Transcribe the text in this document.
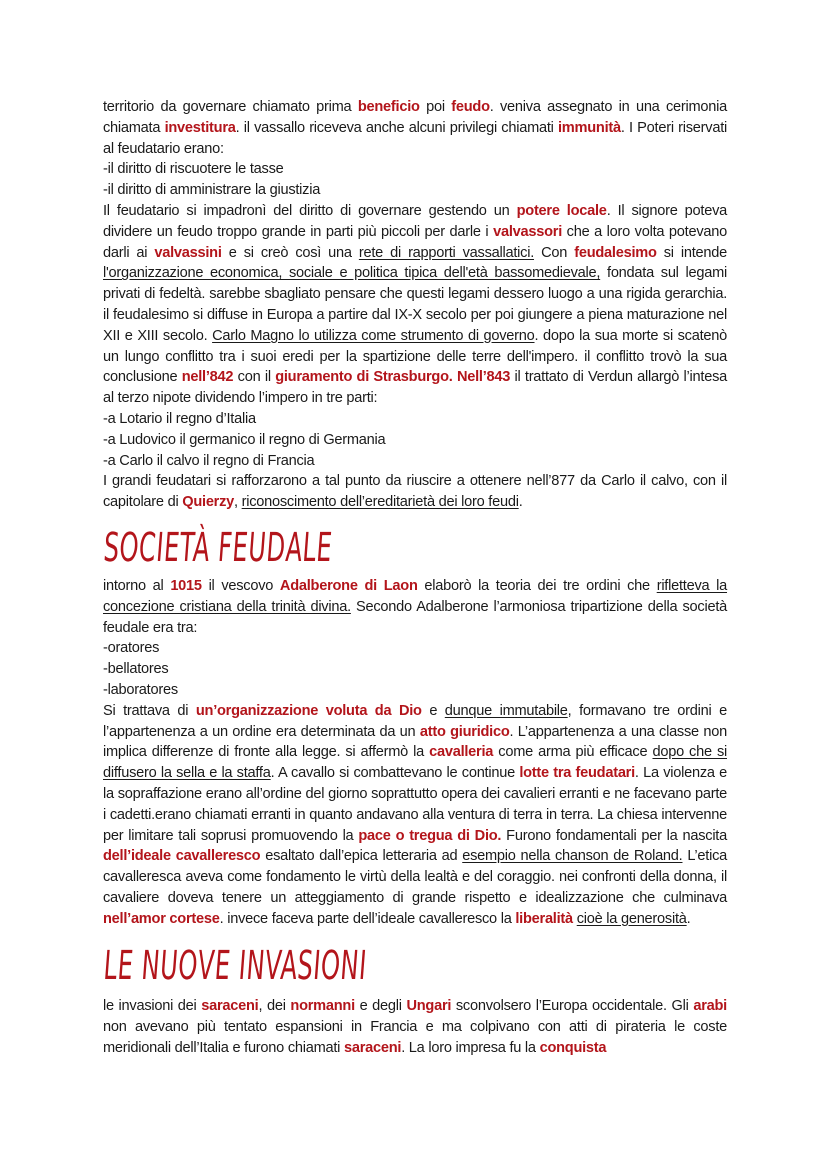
territorio da governare chiamato prima beneficio poi feudo. veniva assegnato in una cerimonia chiamata investitura. il vassallo riceveva anche alcuni privilegi chiamati immunità. I Poteri riservati al feudatario erano:

-il diritto di riscuotere le tasse

-il diritto di amministrare la giustizia

Il feudatario si impadronì del diritto di governare gestendo un potere locale. Il signore poteva dividere un feudo troppo grande in parti più piccoli per darle i valvassori che a loro volta potevano darli ai valvassini e si creò così una rete di rapporti vassallatici. Con feudalesimo si intende l'organizzazione economica, sociale e politica tipica dell'età bassomedievale, fondata sul legami privati di fedeltà. sarebbe sbagliato pensare che questi legami dessero luogo a una rigida gerarchia. il feudalesimo si diffuse in Europa a partire dal IX-X secolo per poi giungere a piena maturazione nel XII e XIII secolo. Carlo Magno lo utilizza come strumento di governo. dopo la sua morte si scatenò un lungo conflitto tra i suoi eredi per la spartizione delle terre dell'impero. il conflitto trovò la sua conclusione nell’842 con il giuramento di Strasburgo. Nell’843 il trattato di Verdun allargò l’intesa al terzo nipote dividendo l’impero in tre parti:

-a Lotario il regno d’Italia

-a Ludovico il germanico il regno di Germania

-a Carlo il calvo il regno di Francia

I grandi feudatari si rafforzarono a tal punto da riuscire a ottenere nell’877 da Carlo il calvo, con il capitolare di Quierzy, riconoscimento dell’ereditarietà dei loro feudi.

SOCIETÀ FEUDALE

intorno al 1015 il vescovo Adalberone di Laon elaborò la teoria dei tre ordini che rifletteva la concezione cristiana della trinità divina. Secondo Adalberone l’armoniosa tripartizione della società feudale era tra:

-oratores

-bellatores

-laboratores

Si trattava di un’organizzazione voluta da Dio e dunque immutabile, formavano tre ordini e l’appartenenza a un ordine era determinata da un atto giuridico. L’appartenenza a una classe non implica differenze di fronte alla legge. si affermò la cavalleria come arma più efficace dopo che si diffusero la sella e la staffa. A cavallo si combattevano le continue lotte tra feudatari. La violenza e la sopraffazione erano all’ordine del giorno soprattutto opera dei cavalieri erranti e ne facevano parte i cadetti.erano chiamati erranti in quanto andavano alla ventura di terra in terra. La chiesa intervenne per limitare tali soprusi promuovendo la pace o tregua di Dio. Furono fondamentali per la nascita dell’ideale cavalleresco esaltato dall’epica letteraria ad esempio nella chanson de Roland. L’etica cavalleresca aveva come fondamento le virtù della lealtà e del coraggio. nei confronti della donna, il cavaliere doveva tenere un atteggiamento di grande rispetto e idealizzazione che culminava nell’amor cortese. invece faceva parte dell’ideale cavalleresco la liberalità cioè la generosità.

LE NUOVE INVASIONI

le invasioni dei saraceni, dei normanni e degli Ungari sconvolsero l’Europa occidentale. Gli arabi non avevano più tentato espansioni in Francia e ma colpivano con atti di pirateria le coste meridionali dell’Italia e furono chiamati saraceni. La loro impresa fu la conquista
